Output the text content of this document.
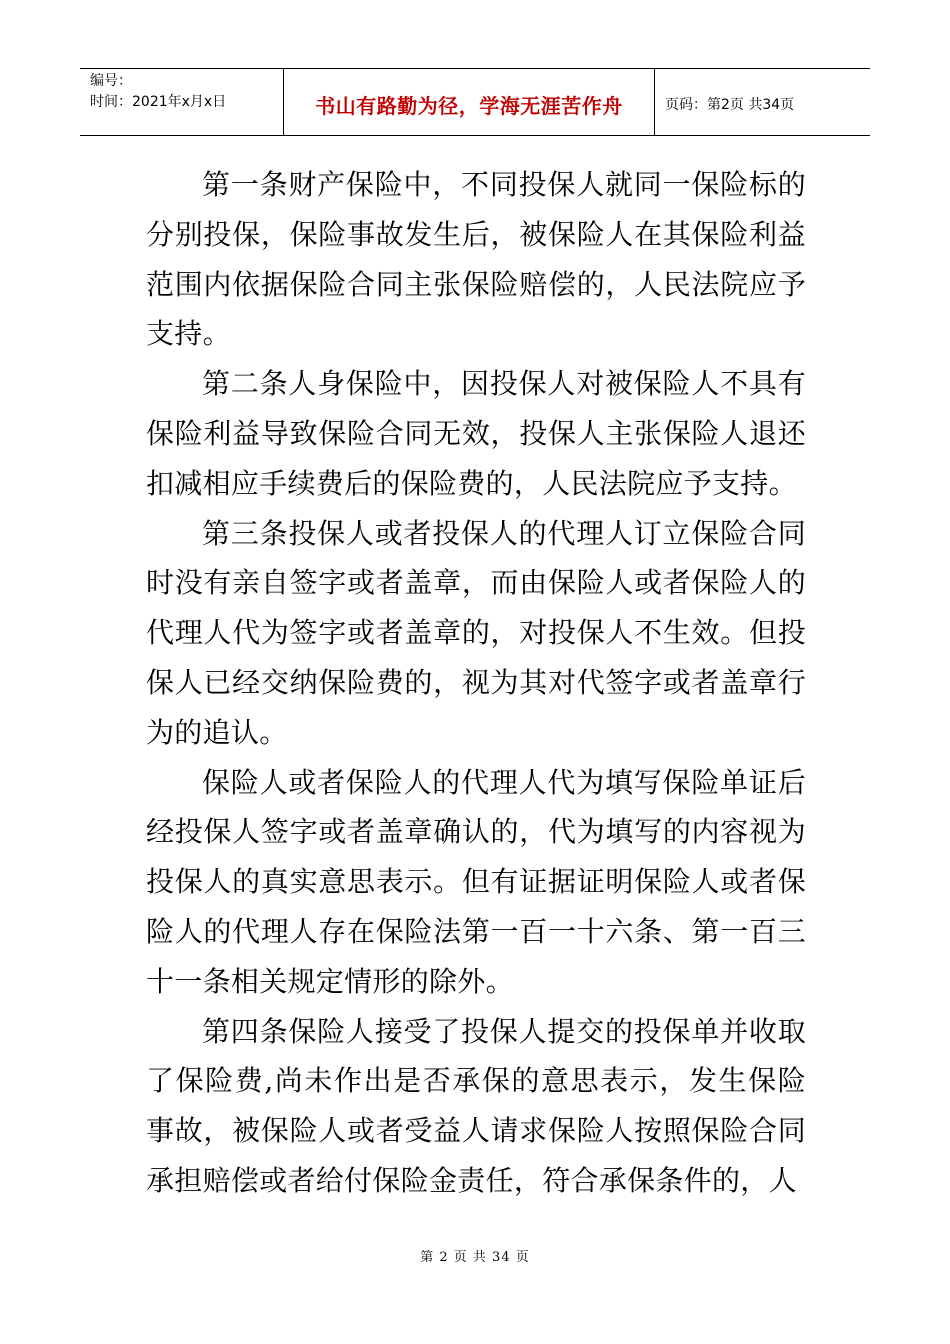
编号：
时间：2021年x月x日	书山有路勤为径，学海无涯苦作舟	页码：第2页 共34页

第一条财产保险中，不同投保人就同一保险标的分别投保，保险事故发生后，被保险人在其保险利益范围内依据保险合同主张保险赔偿的，人民法院应予支持。

第二条人身保险中，因投保人对被保险人不具有保险利益导致保险合同无效，投保人主张保险人退还扣减相应手续费后的保险费的，人民法院应予支持。

第三条投保人或者投保人的代理人订立保险合同时没有亲自签字或者盖章，而由保险人或者保险人的代理人代为签字或者盖章的，对投保人不生效。但投保人已经交纳保险费的，视为其对代签字或者盖章行为的追认。

保险人或者保险人的代理人代为填写保险单证后经投保人签字或者盖章确认的，代为填写的内容视为投保人的真实意思表示。但有证据证明保险人或者保险人的代理人存在保险法第一百一十六条、第一百三十一条相关规定情形的除外。

第四条保险人接受了投保人提交的投保单并收取了保险费,尚未作出是否承保的意思表示，发生保险事故，被保险人或者受益人请求保险人按照保险合同承担赔偿或者给付保险金责任，符合承保条件的，人

第 2 页 共 34 页
